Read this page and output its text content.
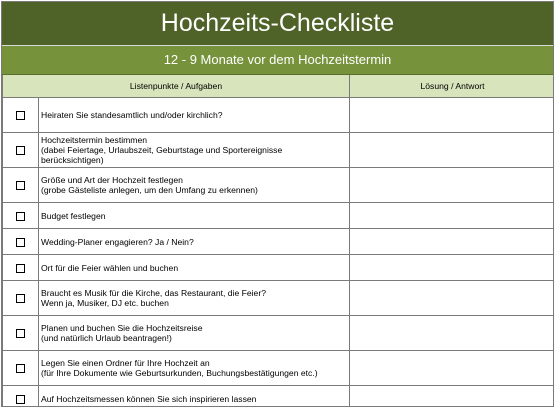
Hochzeits-Checkliste
12 - 9 Monate vor dem Hochzeitstermin
Listenpunkte / Aufgaben		Lösung / Antwort

	Heiraten Sie standesamtlich und/oder kirchlich?	

	Hochzeitstermin bestimmen
(dabei Feiertage, Urlaubszeit, Geburtstage und Sportereignisse
berücksichtigen)	

	Größe und Art der Hochzeit festlegen
(grobe Gästeliste anlegen, um den Umfang zu erkennen)	

	Budget festlegen	

	Wedding-Planer engagieren? Ja / Nein?	

	Ort für die Feier wählen und buchen	

	Braucht es Musik für die Kirche, das Restaurant, die Feier?
Wenn ja, Musiker, DJ etc. buchen	

	Planen und buchen Sie die Hochzeitsreise
(und natürlich Urlaub beantragen!)	

	Legen Sie einen Ordner für Ihre Hochzeit an
(für Ihre Dokumente wie Geburtsurkunden, Buchungsbestätigungen etc.)	

	Auf Hochzeitsmessen können Sie sich inspirieren lassen	
